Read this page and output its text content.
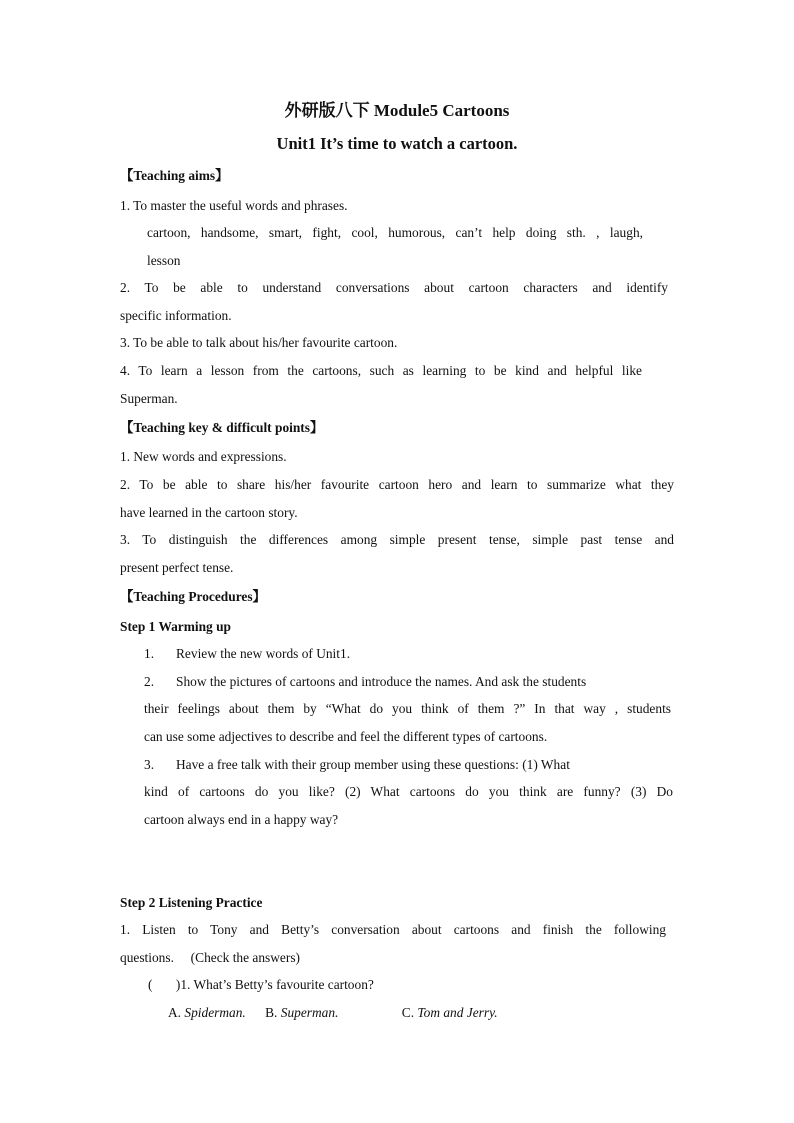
外研版八下 Module5 Cartoons
Unit1 It’s time to watch a cartoon.
【Teaching aims】
1. To master the useful words and phrases.
cartoon, handsome, smart, fight, cool, humorous, can’t help doing sth. , laugh,
lesson
2. To be able to understand conversations about cartoon characters and identify
specific information.
3. To be able to talk about his/her favourite cartoon.
4. To learn a lesson from the cartoons, such as learning to be kind and helpful like
Superman.
【Teaching key & difficult points】
1. New words and expressions.
2. To be able to share his/her favourite cartoon hero and learn to summarize what they
have learned in the cartoon story.
3. To distinguish the differences among simple present tense, simple past tense and
present perfect tense.
【Teaching Procedures】
Step 1 Warming up
1. Review the new words of Unit1.
2. Show the pictures of cartoons and introduce the names. And ask the students
their feelings about them by “What do you think of them ?” In that way , students
can use some adjectives to describe and feel the different types of cartoons.
3. Have a free talk with their group member using these questions: (1) What
kind of cartoons do you like? (2) What cartoons do you think are funny? (3) Do
cartoon always end in a happy way?
Step 2 Listening Practice
1. Listen to Tony and Betty’s conversation about cartoons and finish the following
questions.     (Check the answers)
(       )1. What’s Betty’s favourite cartoon?
A. Spiderman. B. Superman.	C. Tom and Jerry.
